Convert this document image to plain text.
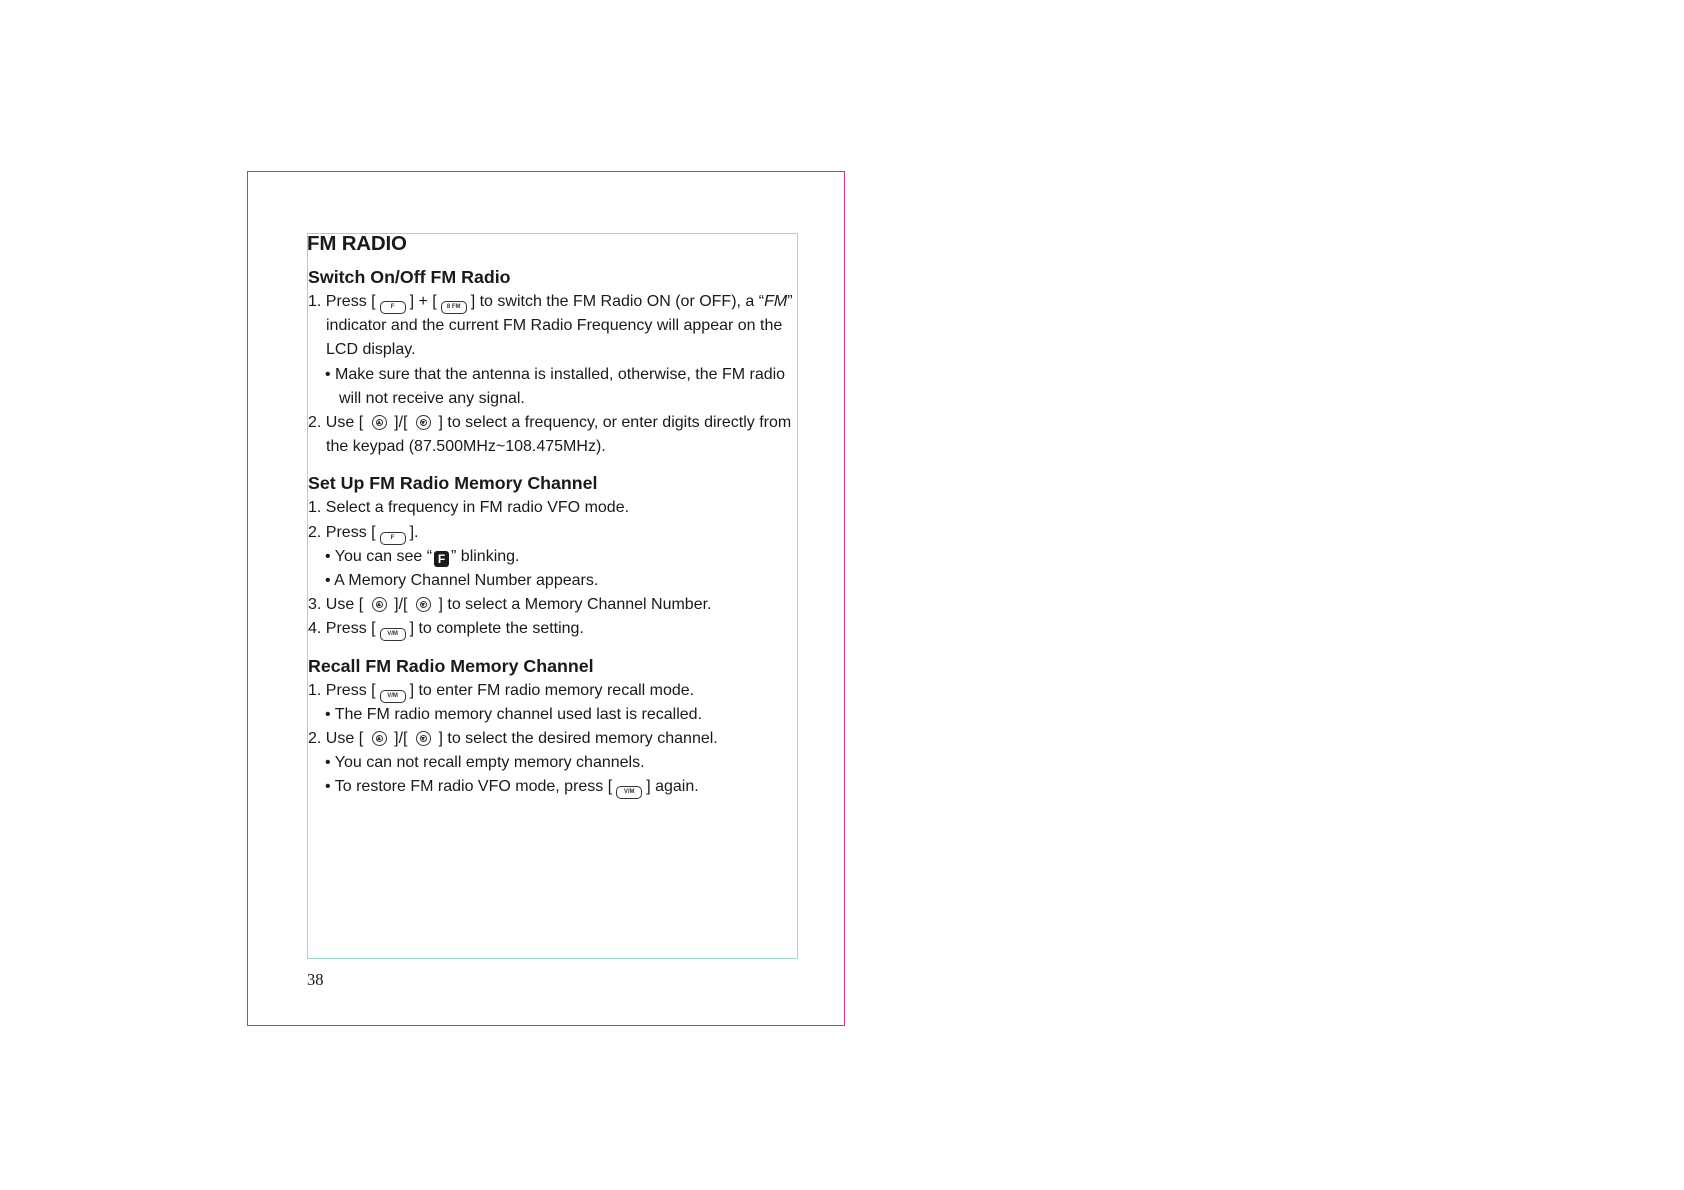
FM RADIO
Switch On/Off FM Radio
1. Press [	F ] + [ 8 FM ] to switch the FM Radio ON (or OFF), a “FM”
indicator and the current FM Radio Frequency will appear on the
LCD display.
• Make sure that the antenna is installed, otherwise, the FM radio
will not receive any signal.
2. Use [ ]/[ ] to select a frequency, or enter digits directly from
the keypad (87.500MHz~108.475MHz).
Set Up FM Radio Memory Channel
1. Select a frequency in FM radio VFO mode.
2. Press [	F ].
• You can see “ F ” blinking.
• A Memory Channel Number appears.
3. Use [ ]/[ ] to select a Memory Channel Number.
4. Press [ V/M ] to complete the setting.
Recall FM Radio Memory Channel
1. Press [ V/M ] to enter FM radio memory recall mode.
• The FM radio memory channel used last is recalled.
2. Use [ ]/[ ] to select the desired memory channel.
• You can not recall empty memory channels.
• To restore FM radio VFO mode, press [ V/M ] again.
38
